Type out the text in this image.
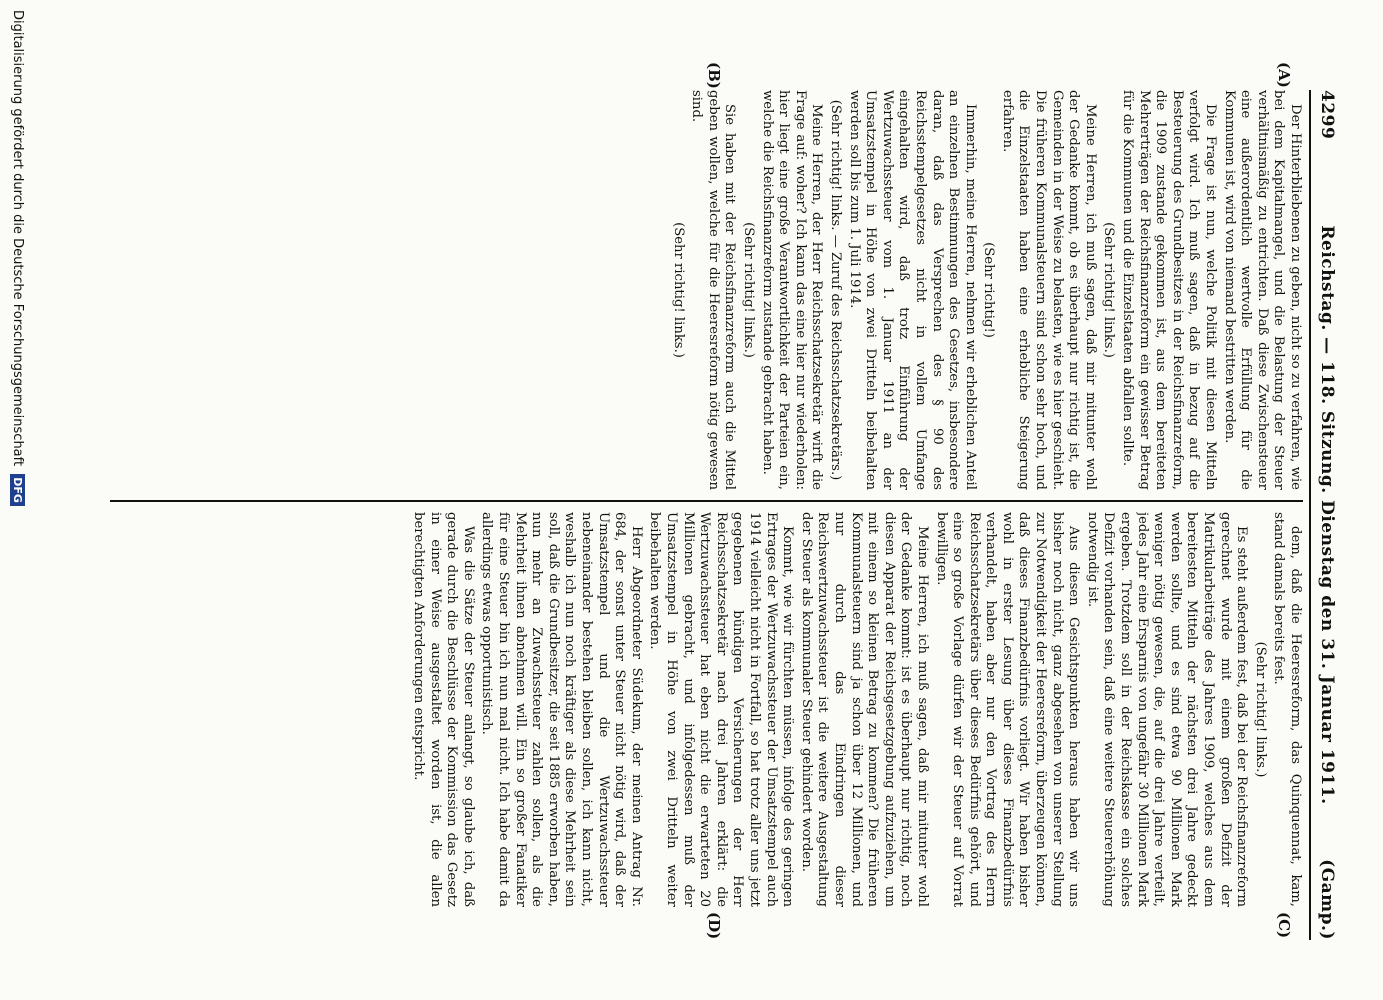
4299
Reichstag. — 118. Sitzung. Dienstag den 31. Januar 1911.
(Gamp.)
(A)
(B)
(C)
(D)

Der Hinterbliebenen zu geben, nicht so zu verfahren, wie bei dem Kapitalmangel, und die Belastung der Steuer verhältnismäßig zu entrichten. Daß diese Zwischensteuer eine außerordentlich wertvolle Erfüllung für die Kommunen ist, wird von niemand bestritten werden.

Die Frage ist nun, welche Politik mit diesen Mitteln verfolgt wird. Ich muß sagen, daß in bezug auf die Besteuerung des Grundbesitzes in der Reichsfinanzreform, die 1909 zustande gekommen ist, aus dem bereiteten Mehrerträgen der Reichsfinanzreform ein gewisser Betrag für die Kommunen und die Einzelstaaten abfallen sollte.

(Sehr richtig! links.)

Meine Herren, ich muß sagen, daß mir mitunter wohl der Gedanke kommt, ob es überhaupt nur richtig ist, die Gemeinden in der Weise zu belasten, wie es hier geschieht. Die früheren Kommunalsteuern sind schon sehr hoch, und die Einzelstaaten haben eine erhebliche Steigerung erfahren.

(Sehr richtig!)

Immerhin, meine Herren, nehmen wir erheblichen Anteil an einzelnen Bestimmungen des Gesetzes, insbesondere daran, daß das Versprechen des § 90 des Reichsstempelgesetzes nicht in vollem Umfange eingehalten wird, daß trotz Einführung der Wertzuwachssteuer vom 1. Januar 1911 an der Umsatzstempel in Höhe von zwei Dritteln beibehalten werden soll bis zum 1. Juli 1914.

(Sehr richtig! links. — Zuruf des Reichsschatzsekretärs.)

Meine Herren, der Herr Reichsschatzsekretär wirft die Frage auf: woher? Ich kann das eine hier nur wiederholen: hier liegt eine große Verantwortlichkeit der Parteien ein, welche die Reichsfinanzreform zustande gebracht haben.

(Sehr richtig! links.)

Sie haben mit der Reichsfinanzreform auch die Mittel geben wollen, welche für die Heeresreform nötig gewesen sind.

(Sehr richtig! links.)

dem, daß die Heeresreform, das Quinquennat, kam, stand damals bereits fest.

(Sehr richtig! links.)

Es steht außerdem fest, daß bei der Reichsfinanzreform gerechnet wurde mit einem großen Defizit der Matrikularbeiträge des Jahres 1909, welches aus dem bereitesten Mitteln der nächsten drei Jahre gedeckt werden sollte, und es sind etwa 90 Millionen Mark weniger nötig gewesen, die, auf die drei Jahre verteilt, jedes Jahr eine Ersparnis von ungefähr 30 Millionen Mark ergeben. Trotzdem soll in der Reichskasse ein solches Defizit vorhanden sein, daß eine weitere Steuererhöhung notwendig ist.

Aus diesen Gesichtspunkten heraus haben wir uns bisher noch nicht, ganz abgesehen von unserer Stellung zur Notwendigkeit der Heeresreform, überzeugen können, daß dieses Finanzbedürfnis vorliegt. Wir haben bisher wohl in erster Lesung über dieses Finanzbedürfnis verhandelt, haben aber nur den Vortrag des Herrn Reichsschatzsekretärs über dieses Bedürfnis gehört, und eine so große Vorlage dürfen wir der Steuer auf Vorrat bewilligen.

Meine Herren, ich muß sagen, daß mir mitunter wohl der Gedanke kommt: ist es überhaupt nur richtig, noch diesen Apparat der Reichsgesetzgebung aufzuziehen, um mit einem so kleinen Betrag zu kommen? Die früheren Kommunalsteuern sind ja schon über 12 Millionen, und nur durch das Eindringen dieser Reichswertzuwachssteuer ist die weitere Ausgestaltung der Steuer als kommunaler Steuer gehindert worden.

Kommt, wie wir fürchten müssen, infolge des geringen Ertrages der Wertzuwachssteuer der Umsatzstempel auch 1914 vielleicht nicht in Fortfall, so hat trotz aller uns jetzt gegebenen bündigen Versicherungen der Herr Reichsschatzsekretär nach drei Jahren erklärt: die Wertzuwachssteuer hat eben nicht die erwarteten 20 Millionen gebracht, und infolgedessen muß der Umsatzstempel in Höhe von zwei Dritteln weiter beibehalten werden.

Herr Abgeordneter Südekum, der meinen Antrag Nr. 684, der sonst unter Steuer nicht nötig wird, daß der Umsatzstempel und die Wertzuwachssteuer nebeneinander bestehen bleiben sollen, ich kann nicht, weshalb ich nun noch kräftiger als diese Mehrheit sein soll, daß die Grundbesitzer, die seit 1885 erworben haben, nun mehr an Zuwachssteuer zahlen sollen, als die Mehrheit ihnen abnehmen will. Ein so großer Fanatiker für eine Steuer bin ich nun mal nicht. Ich habe damit da allerdings etwas opportunistisch.

Was die Sätze der Steuer anlangt, so glaube ich, daß gerade durch die Beschlüsse der Kommission das Gesetz in einer Weise ausgestaltet worden ist, die allen berechtigten Anforderungen entspricht.

Digitalisierung gefördert durch die Deutsche Forschungsgemeinschaft DFG
